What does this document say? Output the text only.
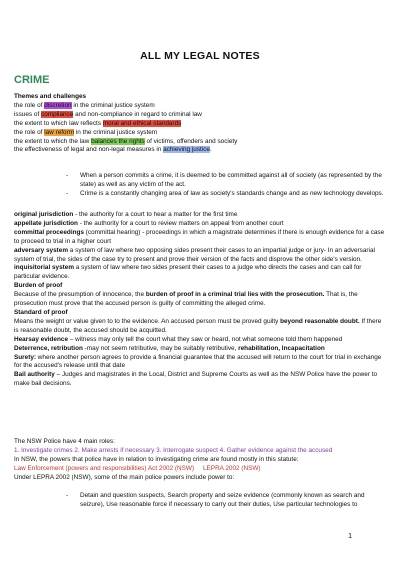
ALL MY LEGAL NOTES
CRIME

Themes and challenges

the role of discretion in the criminal justice system

issues of compliance and non-compliance in regard to criminal law

the extent to which law reflects moral and ethical standards

the role of law reform in the criminal justice system

the extent to which the law balances the rights of victims, offenders and society

the effectiveness of legal and non-legal measures in achieving justice.

- When a person commits a crime, it is deemed to be committed against all of society (as represented by the state) as well as any victim of the act.
- Crime is a constantly changing area of law as society's standards change and as new technology develops.

original jurisdiction - the authority for a court to hear a matter for the first time

appellate jurisdiction - the authority for a court to review matters on appeal from another court

committal proceedings (committal hearing) - proceedings in which a magistrate determines if there is enough evidence for a case to proceed to trial in a higher court

adversary system a system of law where two opposing sides present their cases to an impartial judge or jury- In an adversarial system of trial, the sides of the case try to present and prove their version of the facts and disprove the other side's version.

inquisitorial system a system of law where two sides present their cases to a judge who directs the cases and can call for particular evidence.

Burden of proof

Because of the presumption of innocence, the burden of proof in a criminal trial lies with the prosecution. That is, the prosecution must prove that the accused person is guilty of committing the alleged crime.

Standard of proof

Means the weight or value given to to the evidence. An accused person must be proved guilty beyond reasonable doubt. If there is reasonable doubt, the accused should be acquitted.

Hearsay evidence – witness may only tell the court what they saw or heard, not what someone told them happened

Deterrence, retribution -may not seem retributive, may be suitably retributive, rehabilitation, Incapacitation

Surety: where another person agrees to provide a financial guarantee that the accused will return to the court for trial in exchange for the accused's release until that date

Bail authority – Judges and magistrates in the Local, District and Supreme Courts as well as the NSW Police have the power to make bail decisions.

The NSW Police have 4 main roles:

1. Investigate crimes 2. Make arrests if necessary 3. Interrogate suspect 4. Gather evidence against the accused

In NSW, the powers that police have in relation to investigating crime are found mostly in this statute:

Law Enforcement (powers and responsibilities) Act 2002 (NSW) LEPRA 2002 (NSW)

Under LEPRA 2002 (NSW), some of the main police powers include power to:

- Detain and question suspects, Search property and seize evidence (commonly known as search and seizure), Use reasonable force if necessary to carry out their duties, Use particular technologies to
1
